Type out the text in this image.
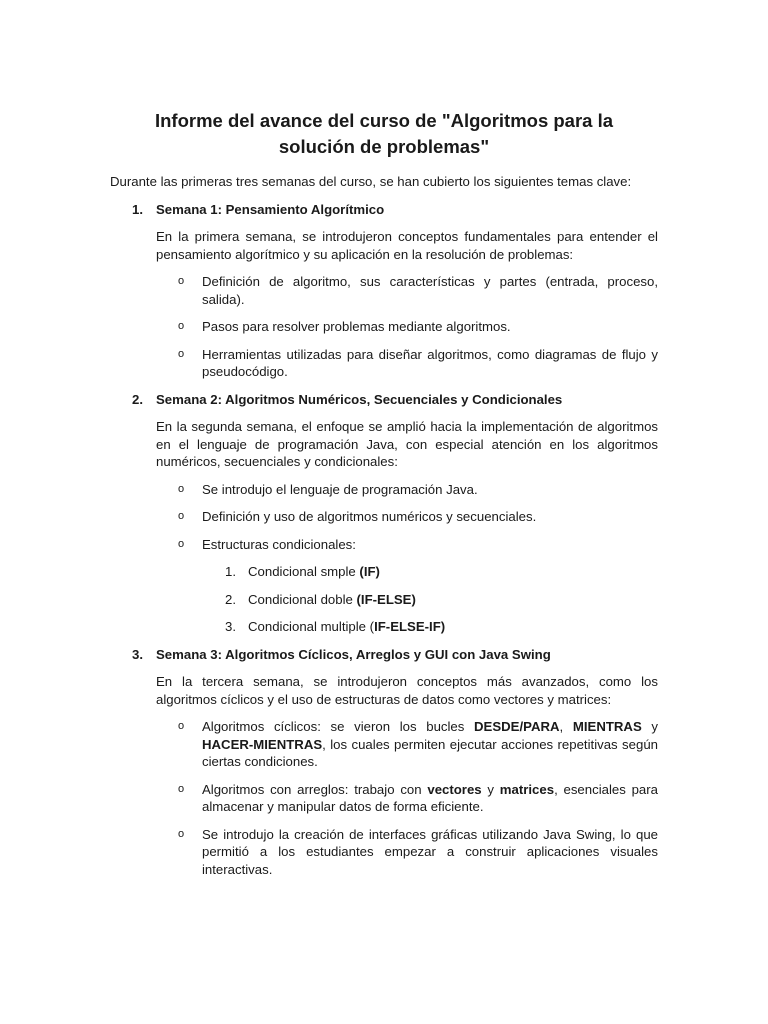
Informe del avance del curso de "Algoritmos para la solución de problemas"

Durante las primeras tres semanas del curso, se han cubierto los siguientes temas clave:

1. Semana 1: Pensamiento Algorítmico

En la primera semana, se introdujeron conceptos fundamentales para entender el pensamiento algorítmico y su aplicación en la resolución de problemas:

o Definición de algoritmo, sus características y partes (entrada, proceso, salida).
o Pasos para resolver problemas mediante algoritmos.
o Herramientas utilizadas para diseñar algoritmos, como diagramas de flujo y pseudocódigo.
2. Semana 2: Algoritmos Numéricos, Secuenciales y Condicionales

En la segunda semana, el enfoque se amplió hacia la implementación de algoritmos en el lenguaje de programación Java, con especial atención en los algoritmos numéricos, secuenciales y condicionales:

o Se introdujo el lenguaje de programación Java.
o Definición y uso de algoritmos numéricos y secuenciales.
o Estructuras condicionales:
1. Condicional smple (IF)
2. Condicional doble (IF-ELSE)
3. Condicional multiple (IF-ELSE-IF)
3. Semana 3: Algoritmos Cíclicos, Arreglos y GUI con Java Swing

En la tercera semana, se introdujeron conceptos más avanzados, como los algoritmos cíclicos y el uso de estructuras de datos como vectores y matrices:

o Algoritmos cíclicos: se vieron los bucles DESDE/PARA, MIENTRAS y HACER-MIENTRAS, los cuales permiten ejecutar acciones repetitivas según ciertas condiciones.
o Algoritmos con arreglos: trabajo con vectores y matrices, esenciales para almacenar y manipular datos de forma eficiente.
o Se introdujo la creación de interfaces gráficas utilizando Java Swing, lo que permitió a los estudiantes empezar a construir aplicaciones visuales interactivas.
